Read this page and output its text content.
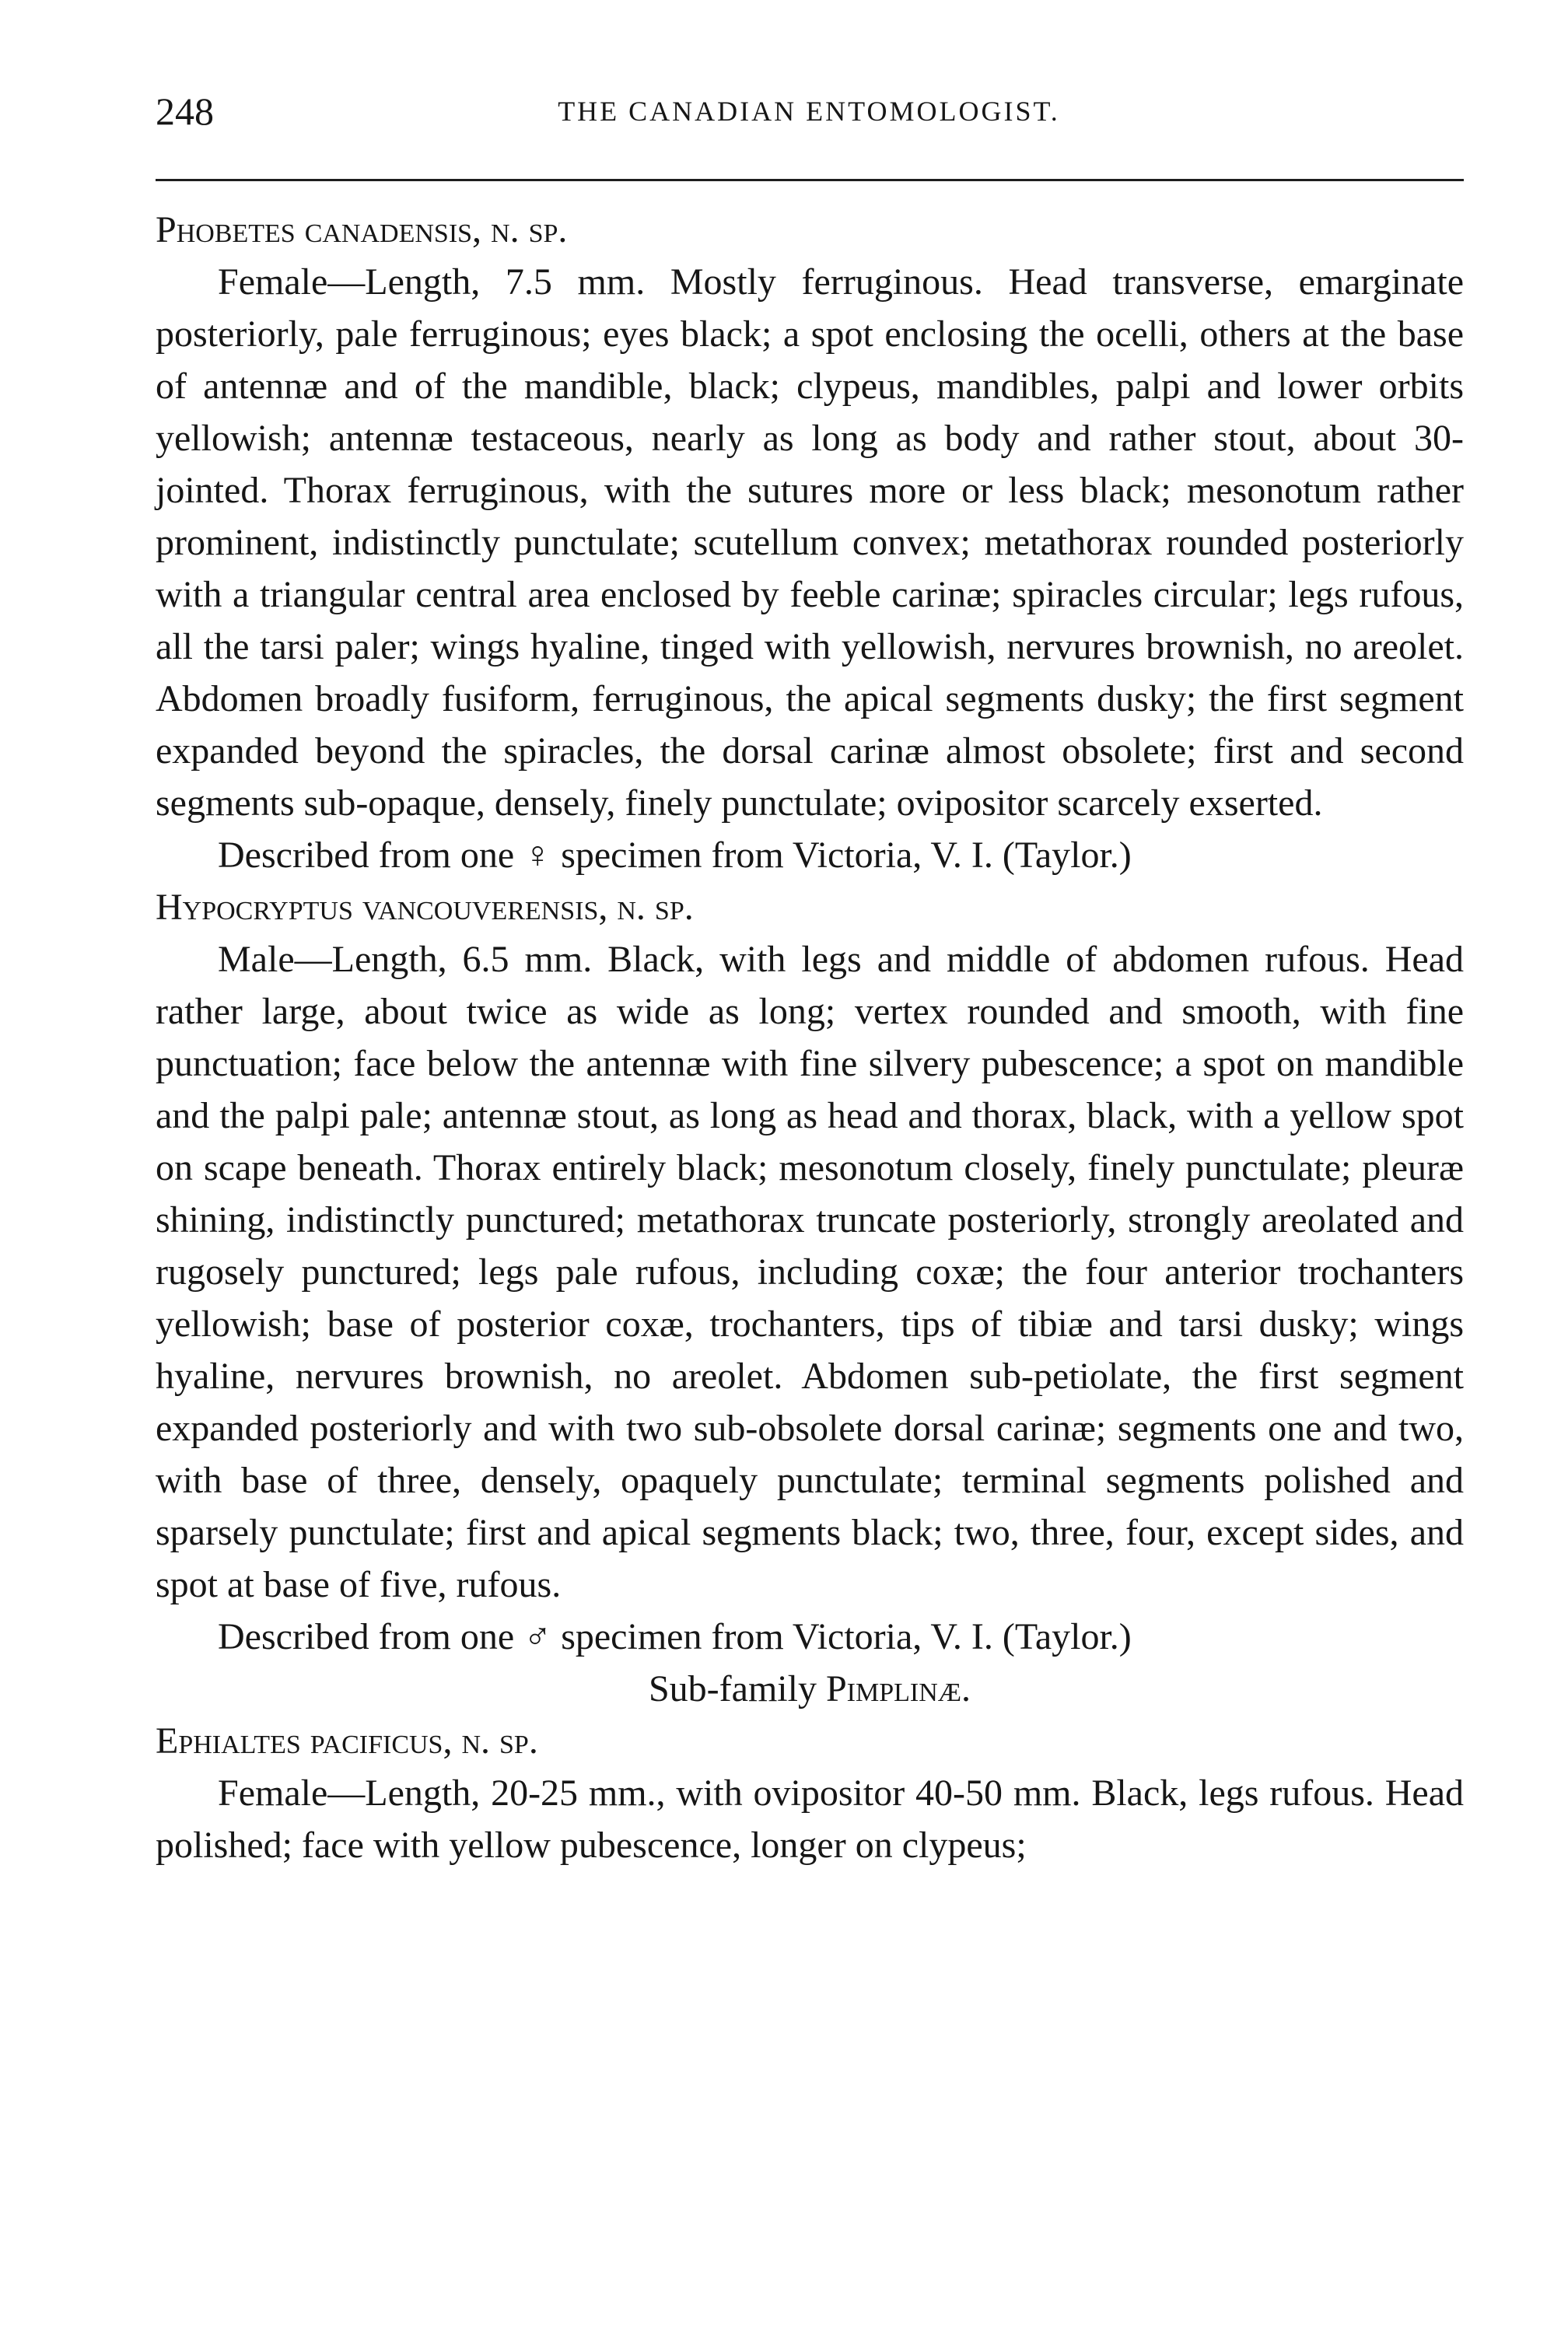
248	THE CANADIAN ENTOMOLOGIST.

Phobetes canadensis, n. sp.

Female—Length, 7.5 mm. Mostly ferruginous. Head transverse, emarginate posteriorly, pale ferruginous; eyes black; a spot enclosing the ocelli, others at the base of antennæ and of the mandible, black; clypeus, mandibles, palpi and lower orbits yellowish; antennæ testaceous, nearly as long as body and rather stout, about 30-jointed. Thorax ferruginous, with the sutures more or less black; mesonotum rather prominent, indistinctly punctulate; scutellum convex; metathorax rounded posteriorly with a triangular central area enclosed by feeble carinæ; spiracles circular; legs rufous, all the tarsi paler; wings hyaline, tinged with yellowish, nervures brownish, no areolet. Abdomen broadly fusiform, ferruginous, the apical segments dusky; the first segment expanded beyond the spiracles, the dorsal carinæ almost obsolete; first and second segments sub-opaque, densely, finely punctulate; ovipositor scarcely exserted.

Described from one ♀ specimen from Victoria, V. I. (Taylor.)

Hypocryptus vancouverensis, n. sp.

Male—Length, 6.5 mm. Black, with legs and middle of abdomen rufous. Head rather large, about twice as wide as long; vertex rounded and smooth, with fine punctuation; face below the antennæ with fine silvery pubescence; a spot on mandible and the palpi pale; antennæ stout, as long as head and thorax, black, with a yellow spot on scape beneath. Thorax entirely black; mesonotum closely, finely punctulate; pleuræ shining, indistinctly punctured; metathorax truncate posteriorly, strongly areolated and rugosely punctured; legs pale rufous, including coxæ; the four anterior trochanters yellowish; base of posterior coxæ, trochanters, tips of tibiæ and tarsi dusky; wings hyaline, nervures brownish, no areolet. Abdomen sub-petiolate, the first segment expanded posteriorly and with two sub-obsolete dorsal carinæ; segments one and two, with base of three, densely, opaquely punctulate; terminal segments polished and sparsely punctulate; first and apical segments black; two, three, four, except sides, and spot at base of five, rufous.

Described from one ♂ specimen from Victoria, V. I. (Taylor.)

Sub-family Pimplinæ.

Ephialtes pacificus, n. sp.

Female—Length, 20-25 mm., with ovipositor 40-50 mm. Black, legs rufous. Head polished; face with yellow pubescence, longer on clypeus;
